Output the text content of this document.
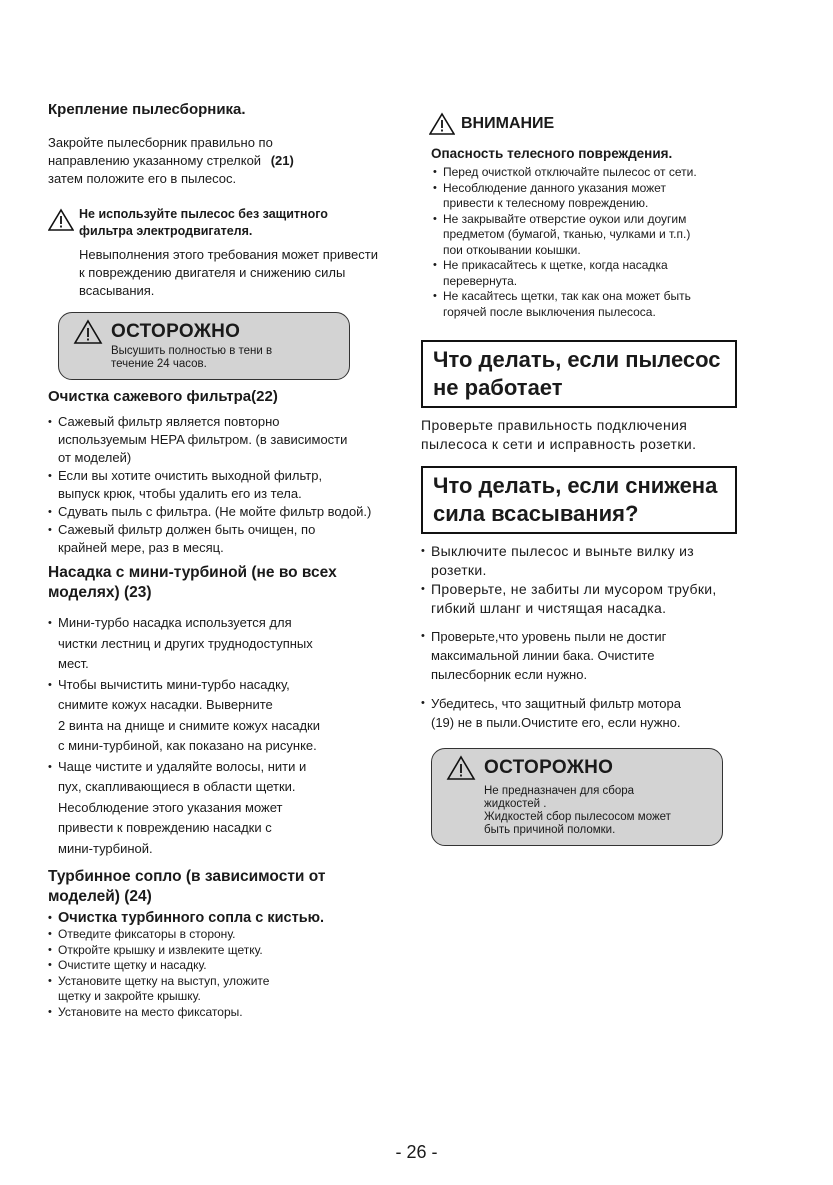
Крепление пылесборника.

Закройте пылесборник правильно по
направлению указанному стрелкой (21)
затем положите его в пылесос.

Не используйте пылесос без защитного
фильтра электродвигателя.
Невыполнения этого требования может привести
к повреждению двигателя и снижению силы
всасывания.
ОСТОРОЖНО
Высушить полностью в тени в
течение 24 часов.

Очистка сажевого фильтра(22)

• Сажевый фильтр является повторно
используемым HEPA фильтром. (в зависимости
от моделей)
• Если вы хотите очистить выходной фильтр,
выпуск крюк, чтобы удалить его из тела.
• Сдувать пыль с фильтра. (Не мойте фильтр водой.)
• Сажевый фильтр должен быть очищен, по
крайней мере, раз в месяц.

Насадка с мини-турбиной (не во всех
моделях) (23)

• Мини-турбо насадка используется для
чистки лестниц и других труднодоступных
мест.
• Чтобы вычистить мини-турбо насадку,
снимите кожух насадки. Выверните
2 винта на днище и снимите кожух насадки
с мини-турбиной, как показано на рисунке.
• Чаще чистите и удаляйте волосы, нити и
пух, скапливающиеся в области щетки.
Несоблюдение этого указания может
привести к повреждению насадки с
мини-турбиной.

Турбинное сопло (в зависимости от
моделей) (24)

• Очистка турбинного сопла с кистью.
• Отведите фиксаторы в сторону.
• Откройте крышку и извлеките щетку.
• Очистите щетку и насадку.
• Установите щетку на выступ, уложите
щетку и закройте крышку.
• Установите на место фиксаторы.
ВНИМАНИЕ

Опасность телесного повреждения.

• Перед очисткой отключайте пылесос от сети.
• Несоблюдение данного указания может
привести к телесному повреждению.
• Не закрывайте отверстие оукои или доугим
предметом (бумагой, тканью, чулками и т.п.)
пои откоывании коышки.
• Не прикасайтесь к щетке, когда насадка
перевернута.
• Не касайтесь щетки, так как она может быть
горячей после выключения пылесоса.
Что делать, если пылесос
не работает

Проверьте правильность подключения
пылесоса к сети и исправность розетки.

Что делать, если снижена
сила всасывания?
• Выключите пылесос и выньте вилку из
розетки.
• Проверьте, не забиты ли мусором трубки,
гибкий шланг и чистящая насадка.
• Проверьте,что уровень пыли не достиг
максимальной линии бака. Очистите
пылесборник если нужно.
• Убедитесь, что защитный фильтр мотора
(19) не в пыли.Очистите его, если нужно.
ОСТОРОЖНО
Не предназначен для сбора
жидкостей .
Жидкостей сбор пылесосом может
быть причиной поломки.
- 26 -
